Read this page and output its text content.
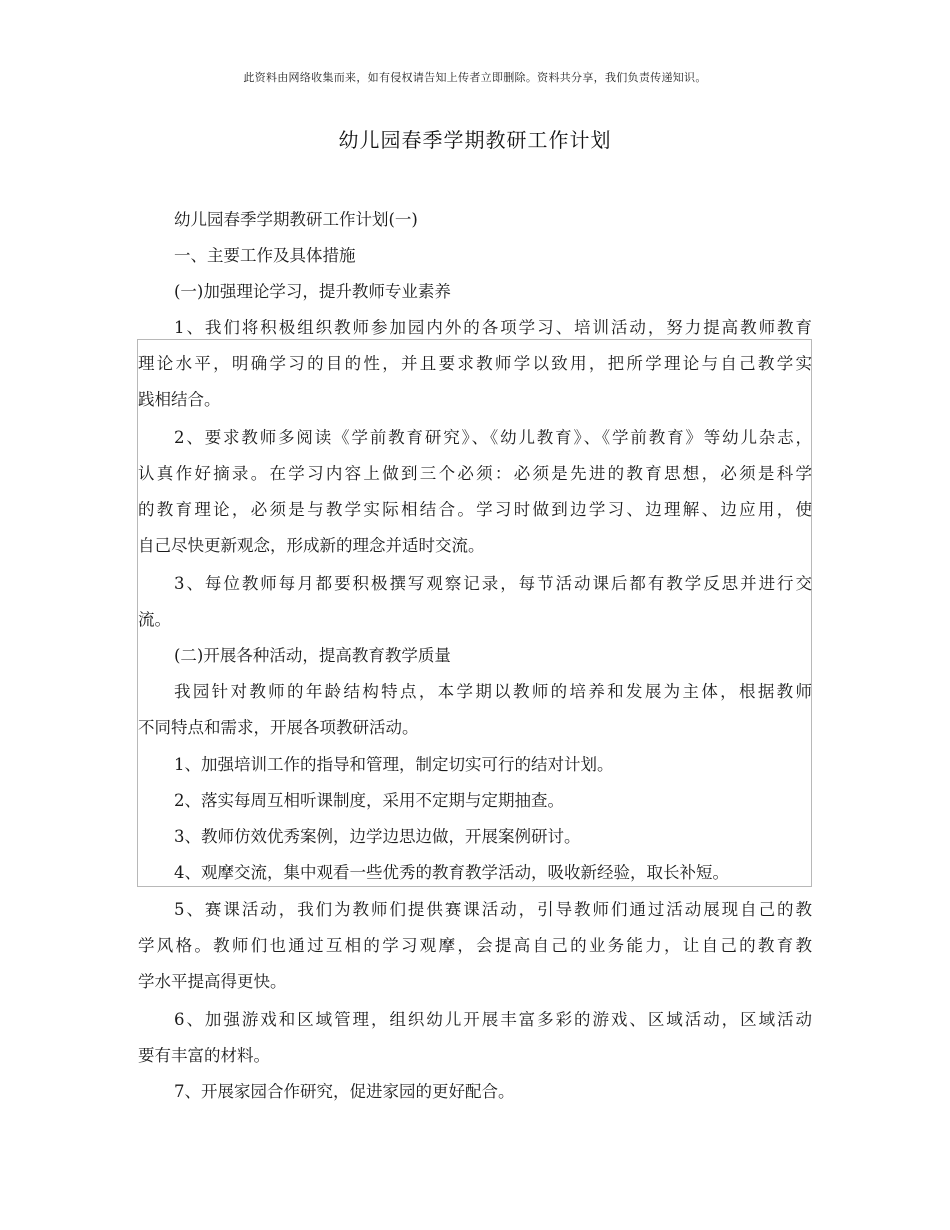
此资料由网络收集而来，如有侵权请告知上传者立即删除。资料共分享，我们负责传递知识。
幼儿园春季学期教研工作计划
幼儿园春季学期教研工作计划(一)
一、主要工作及具体措施
(一)加强理论学习，提升教师专业素养
1、我们将积极组织教师参加园内外的各项学习、培训活动，努力提高教师教育
理论水平，明确学习的目的性，并且要求教师学以致用，把所学理论与自己教学实
践相结合。
2、要求教师多阅读《学前教育研究》、《幼儿教育》、《学前教育》等幼儿杂志，
认真作好摘录。在学习内容上做到三个必须：必须是先进的教育思想，必须是科学
的教育理论，必须是与教学实际相结合。学习时做到边学习、边理解、边应用，使
自己尽快更新观念，形成新的理念并适时交流。
3、每位教师每月都要积极撰写观察记录，每节活动课后都有教学反思并进行交
流。
(二)开展各种活动，提高教育教学质量
我园针对教师的年龄结构特点，本学期以教师的培养和发展为主体，根据教师
不同特点和需求，开展各项教研活动。
1、加强培训工作的指导和管理，制定切实可行的结对计划。
2、落实每周互相听课制度，采用不定期与定期抽查。
3、教师仿效优秀案例，边学边思边做，开展案例研讨。
4、观摩交流，集中观看一些优秀的教育教学活动，吸收新经验，取长补短。
5、赛课活动，我们为教师们提供赛课活动，引导教师们通过活动展现自己的教
学风格。教师们也通过互相的学习观摩，会提高自己的业务能力，让自己的教育教
学水平提高得更快。
6、加强游戏和区域管理，组织幼儿开展丰富多彩的游戏、区域活动，区域活动
要有丰富的材料。
7、开展家园合作研究，促进家园的更好配合。
